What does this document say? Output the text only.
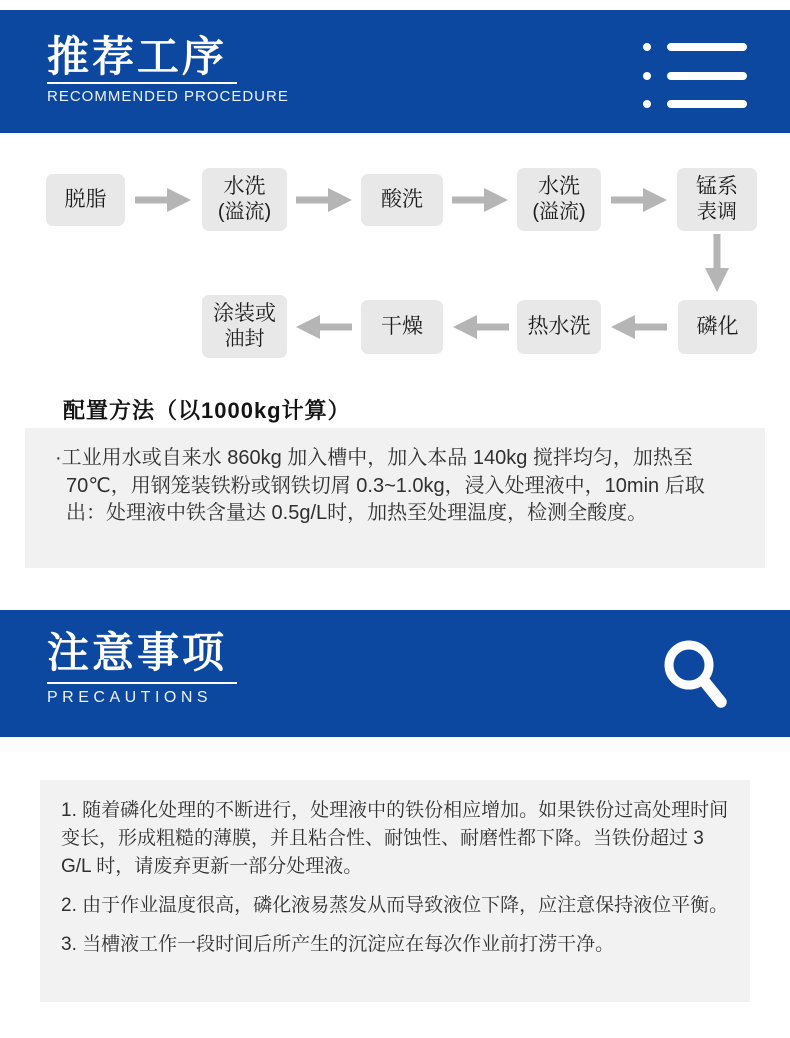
推荐工序
RECOMMENDED PROCEDURE
脱脂
水洗
(溢流)
酸洗
水洗
(溢流)
锰系
表调
涂装或
油封
干燥	热水洗	磷化
配置方法（以1000kg计算）

·工业用水或自来水 860kg 加入槽中，加入本品 140kg 搅拌均匀，加热至 70℃，用钢笼装铁粉或钢铁切屑 0.3~1.0kg，浸入处理液中，10min 后取出：处理液中铁含量达 0.5g/L时，加热至处理温度，检测全酸度。

注意事项
PRECAUTIONS

1. 随着磷化处理的不断进行，处理液中的铁份相应增加。如果铁份过高处理时间变长，形成粗糙的薄膜，并且粘合性、耐蚀性、耐磨性都下降。当铁份超过 3 G/L 时，请废弃更新一部分处理液。

2. 由于作业温度很高，磷化液易蒸发从而导致液位下降，应注意保持液位平衡。

3. 当槽液工作一段时间后所产生的沉淀应在每次作业前打涝干净。
